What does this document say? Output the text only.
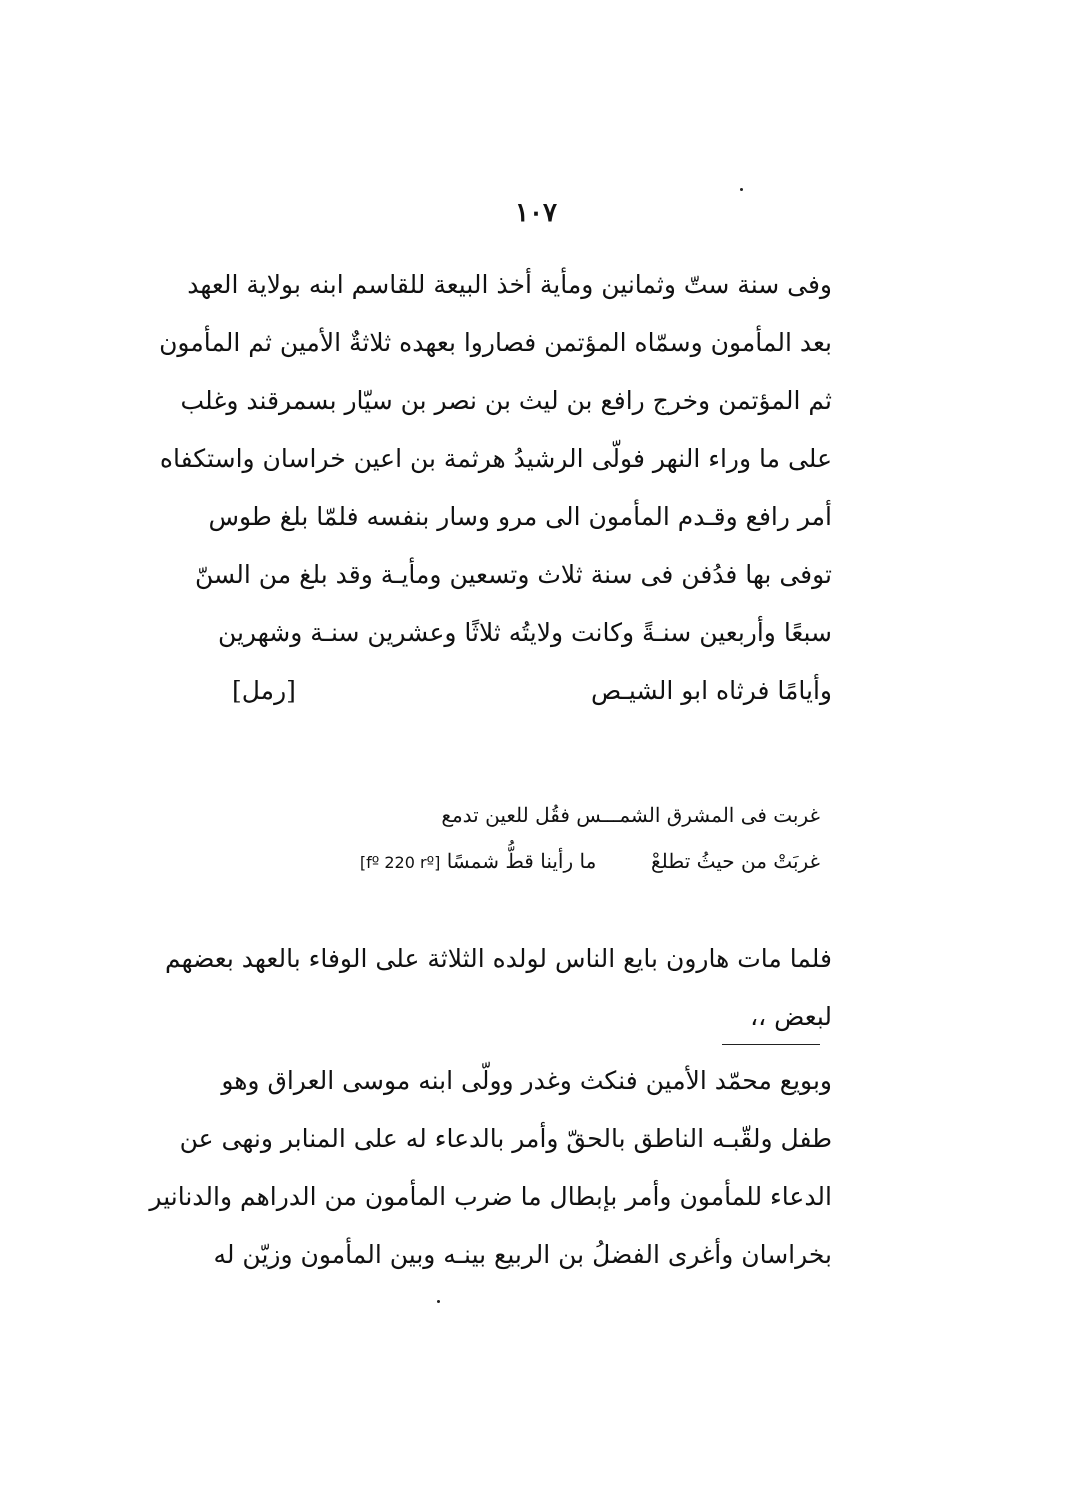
١٠٧
وفى سنة ستّ وثمانين ومأية أخذ البيعة للقاسم ابنه بولاية العهد
بعد المأمون وسمّاه المؤتمن فصاروا بعهده ثلاثةٌ الأمين ثم المأمون
ثم المؤتمن وخرج رافع بن ليث بن نصر بن سيّار بسمرقند وغلب
على ما وراء النهر فولّى الرشيدُ هرثمة بن اعين خراسان واستكفاه
أمر رافع وقـدم المأمون الى مرو وسار بنفسه فلمّا بلغ طوس
توفى بها فدُفن فى سنة ثلاث وتسعين ومأيـة وقد بلغ من السنّ
سبعًا وأربعين سنـةً وكانت ولايتُه ثلاثًا وعشرين سنـة وشهرين
وأيامًا فرثاه ابو الشيـص
[رمل]
غربت فى المشرق الشمـــس فقُل للعين تدمع
غربَتْ من حيثُ تطلعْ  ما رأينا قطُّ شمسًا [fº 220 rº]
فلما مات هارون بايع الناس لولده الثلاثة على الوفاء بالعهد بعضهم
لبعض ،،
وبويع محمّد الأمين فنكث وغدر وولّى ابنه موسى العراق وهو
طفل ولقّبـه الناطق بالحقّ وأمر بالدعاء له على المنابر ونهى عن
الدعاء للمأمون وأمر بإبطال ما ضرب المأمون من الدراهم والدنانير
بخراسان وأغرى الفضلُ بن الربيع بينـه وبين المأمون وزيّن له
